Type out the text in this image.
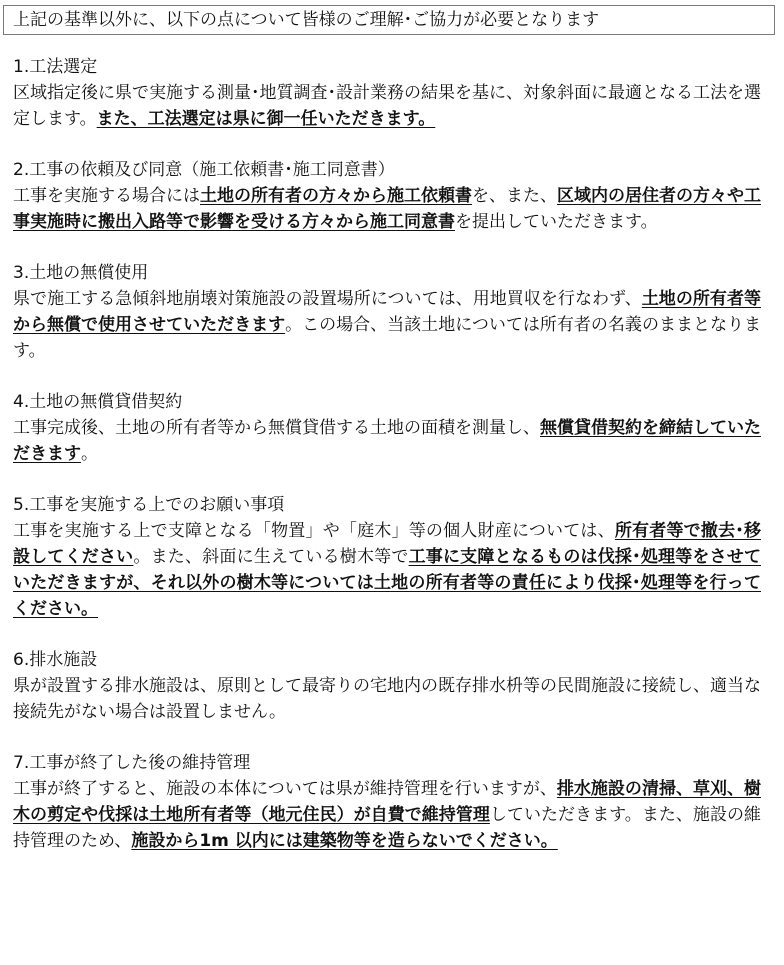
上記の基準以外に、以下の点について皆様のご理解･ご協力が必要となります
1.工法選定
区域指定後に県で実施する測量･地質調査･設計業務の結果を基に、対象斜面に最適となる工法を選定します。また、工法選定は県に御一任いただきます。
2.工事の依頼及び同意（施工依頼書･施工同意書）
工事を実施する場合には土地の所有者の方々から施工依頼書を、また、区域内の居住者の方々や工事実施時に搬出入路等で影響を受ける方々から施工同意書を提出していただきます。
3.土地の無償使用
県で施工する急傾斜地崩壊対策施設の設置場所については、用地買収を行なわず、土地の所有者等から無償で使用させていただきます。この場合、当該土地については所有者の名義のままとなります。
4.土地の無償貸借契約
工事完成後、土地の所有者等から無償貸借する土地の面積を測量し、無償貸借契約を締結していただきます。
5.工事を実施する上でのお願い事項
工事を実施する上で支障となる「物置」や「庭木」等の個人財産については、所有者等で撤去･移設してください。また、斜面に生えている樹木等で工事に支障となるものは伐採･処理等をさせていただきますが、それ以外の樹木等については土地の所有者等の責任により伐採･処理等を行ってください。
6.排水施設
県が設置する排水施設は、原則として最寄りの宅地内の既存排水枡等の民間施設に接続し、適当な接続先がない場合は設置しません。
7.工事が終了した後の維持管理
工事が終了すると、施設の本体については県が維持管理を行いますが、排水施設の清掃、草刈、樹木の剪定や伐採は土地所有者等（地元住民）が自費で維持管理していただきます。また、施設の維持管理のため、施設から1m 以内には建築物等を造らないでください。
